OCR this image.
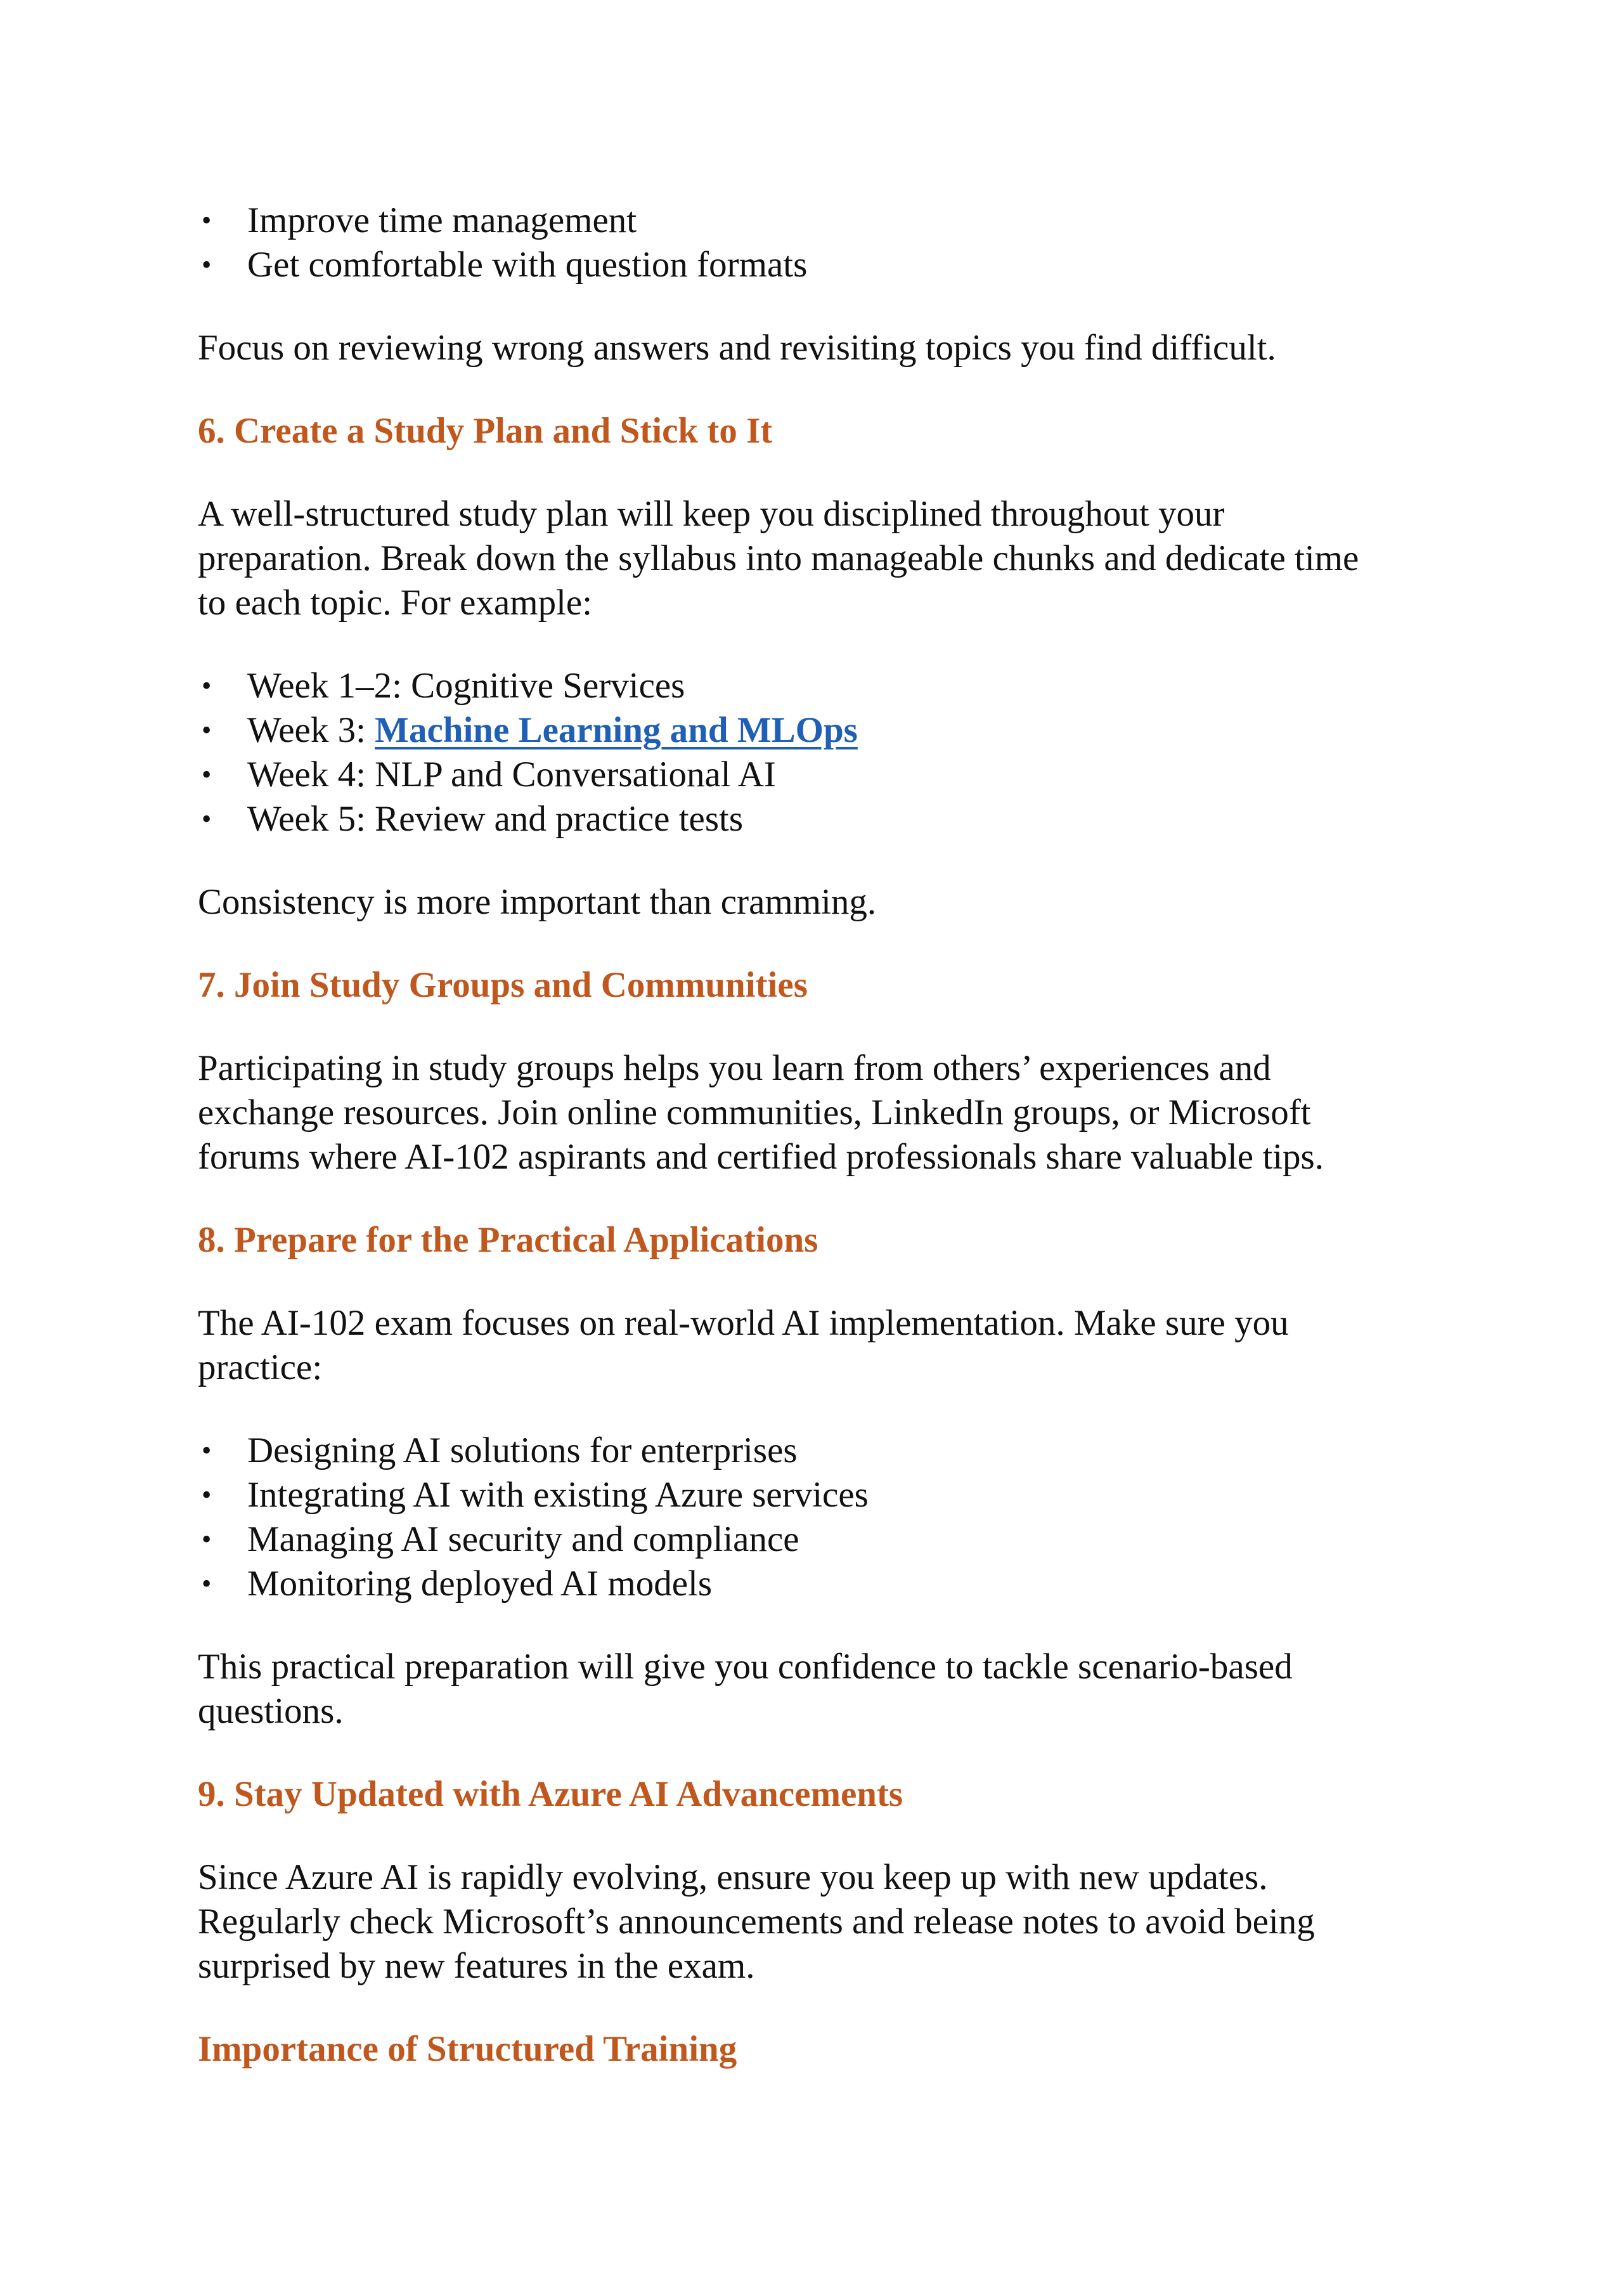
• Improve time management
• Get comfortable with question formats

Focus on reviewing wrong answers and revisiting topics you find difficult.

6. Create a Study Plan and Stick to It

A well-structured study plan will keep you disciplined throughout your

preparation. Break down the syllabus into manageable chunks and dedicate time

to each topic. For example:

• Week 1–2: Cognitive Services
• Week 3: Machine Learning and MLOps
• Week 4: NLP and Conversational AI
• Week 5: Review and practice tests

Consistency is more important than cramming.

7. Join Study Groups and Communities

Participating in study groups helps you learn from others’ experiences and

exchange resources. Join online communities, LinkedIn groups, or Microsoft

forums where AI-102 aspirants and certified professionals share valuable tips.

8. Prepare for the Practical Applications

The AI-102 exam focuses on real-world AI implementation. Make sure you

practice:

• Designing AI solutions for enterprises
• Integrating AI with existing Azure services
• Managing AI security and compliance
• Monitoring deployed AI models

This practical preparation will give you confidence to tackle scenario-based

questions.

9. Stay Updated with Azure AI Advancements

Since Azure AI is rapidly evolving, ensure you keep up with new updates.

Regularly check Microsoft’s announcements and release notes to avoid being

surprised by new features in the exam.

Importance of Structured Training
